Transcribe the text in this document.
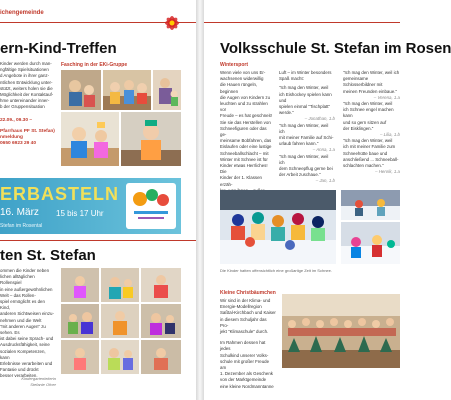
ichengemeinde
ern-Kind-Treffen

Kinder werden durch man-

ngfältige Spielsituationen

d Angebote in ihrer ganz-

ntlichen Entwicklung unter-

stützt, weiters holen sie die

Möglichkeit der Kontaktauf-

hme untereinander inner-

b der Gruppensituation

22.09., 09.30 –

Pfarrhaus PF St. Stefan)

nmeldung

0650 6923 29 40

Fasching in der EKi-Gruppe
ERBASTELN
16. März 15 bis 17 Uhr
Stefan im Rosental
ten St. Stefan

ommen die Kinder neben

lichen alltäglichen Rollenspiel

in eine außergewöhnlichen

Welt – das Rollen-

spiel ermöglicht es den Kind,

anderen Sichtweisen einzu-

nehmen und die Welt

"mit anderen Augen" zu sehen. Es

ist dabei seine Sprach- und

Ausdrucksfähigkeit, seine

sozialen Kompetenzen, kann

Erlebnisse verarbeiten und

Fantasie und drückt

besser verarbeiten.

Kindergartenleiterin
Stefanie Ofner
Volksschule St. Stefan im Rosen
Wintersport

Wenn viele von uns Er-

wachsenen widerwillig

die Hauen rüngeln, beginnen

die Augen von Kindern zu

leuchten und zu strahlen vor

Freude – es hat geschneit!

Sie sie das Herstellen von

Schneefiguren oder das ge-

meinsame Bobfahren, das

Eislaufen oder eine lustige

Schneeballschlacht – mit

Winter mit Schnee ist für

Kinder etwas Herrliches! Die

Kinder der 1. Klassen erzäh-

Luft – im Winter besonders

Spaß macht:

"Ich mag den Winter, weil

ich Eishockey spielen kann und

spielen einmal "Tischplatt"

werde."

– Jonathan, 1.b

"Ich mag den Winter, weil ich

mit meiner Familie auf Schi-

urlaub fahren kann."

– Anna, 1.a

"Ich mag den Winter, weil ich

dem Schneepflug gerne bei

der Arbeit zuschaue."

– Jan, 1.b

"Ich mag den Winter, weil ich

gemeinsame Schlosserbildner mit

meinen Freunden einbaue."

– Verena, 1.a

"Ich mag den Winter, weil

ich Schnee engel machen kann

und so gern sitzen auf

der Eisklingen."

– Lilia, 1.b

"Ich mag den Winter, weil

ich mit meiner Familie zum

Schneehütte baue und

anschließend ... Schneeball-

schlachten machen."

– Henrik, 1.a

Die Kinder hatten offensichtlich eine großartige Zeit im Schnee.
Kleine Christbäumchen

Wir sind in der Klima- und

Energie-Modellregion

Saßtal-Kirchbach und Kaiser

in diesem Schuljahr das Pro-

jekt "Klimaschule" durch.

Im Rahmen dessen hat jedes

Schulkind unserer Volks-

schule mit großer Freude am

1. Dezember als Geschenk

von der Marktgemeinde

eine kleine Nordmanntanne
